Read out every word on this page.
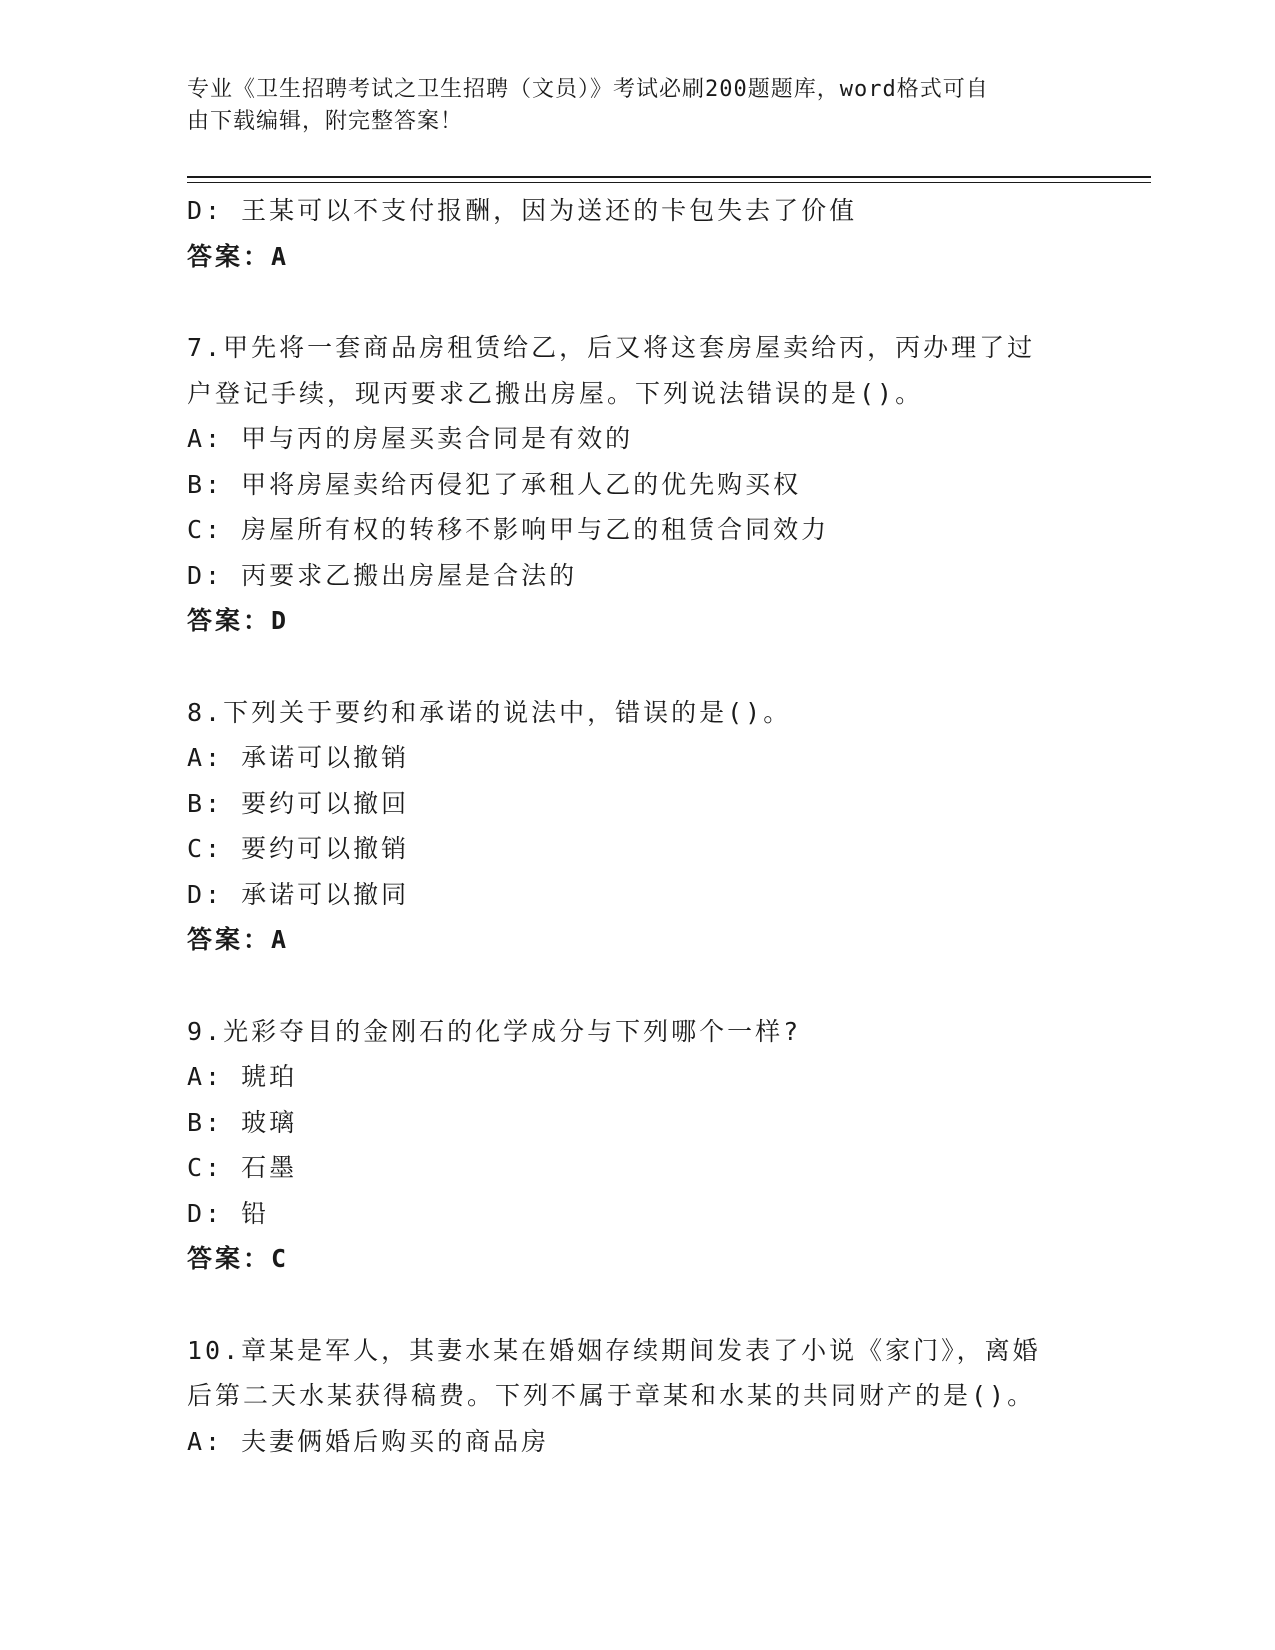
专业《卫生招聘考试之卫生招聘（文员）》考试必刷200题题库，word格式可自
由下载编辑，附完整答案！
D: 王某可以不支付报酬，因为送还的卡包失去了价值
答案：A
7.甲先将一套商品房租赁给乙，后又将这套房屋卖给丙，丙办理了过
户登记手续，现丙要求乙搬出房屋。下列说法错误的是()。
A: 甲与丙的房屋买卖合同是有效的
B: 甲将房屋卖给丙侵犯了承租人乙的优先购买权
C: 房屋所有权的转移不影响甲与乙的租赁合同效力
D: 丙要求乙搬出房屋是合法的
答案：D
8.下列关于要约和承诺的说法中，错误的是()。
A: 承诺可以撤销
B: 要约可以撤回
C: 要约可以撤销
D: 承诺可以撤同
答案：A
9.光彩夺目的金刚石的化学成分与下列哪个一样?
A: 琥珀
B: 玻璃
C: 石墨
D: 铅
答案：C
10.章某是军人，其妻水某在婚姻存续期间发表了小说《家门》，离婚
后第二天水某获得稿费。下列不属于章某和水某的共同财产的是()。
A: 夫妻俩婚后购买的商品房
